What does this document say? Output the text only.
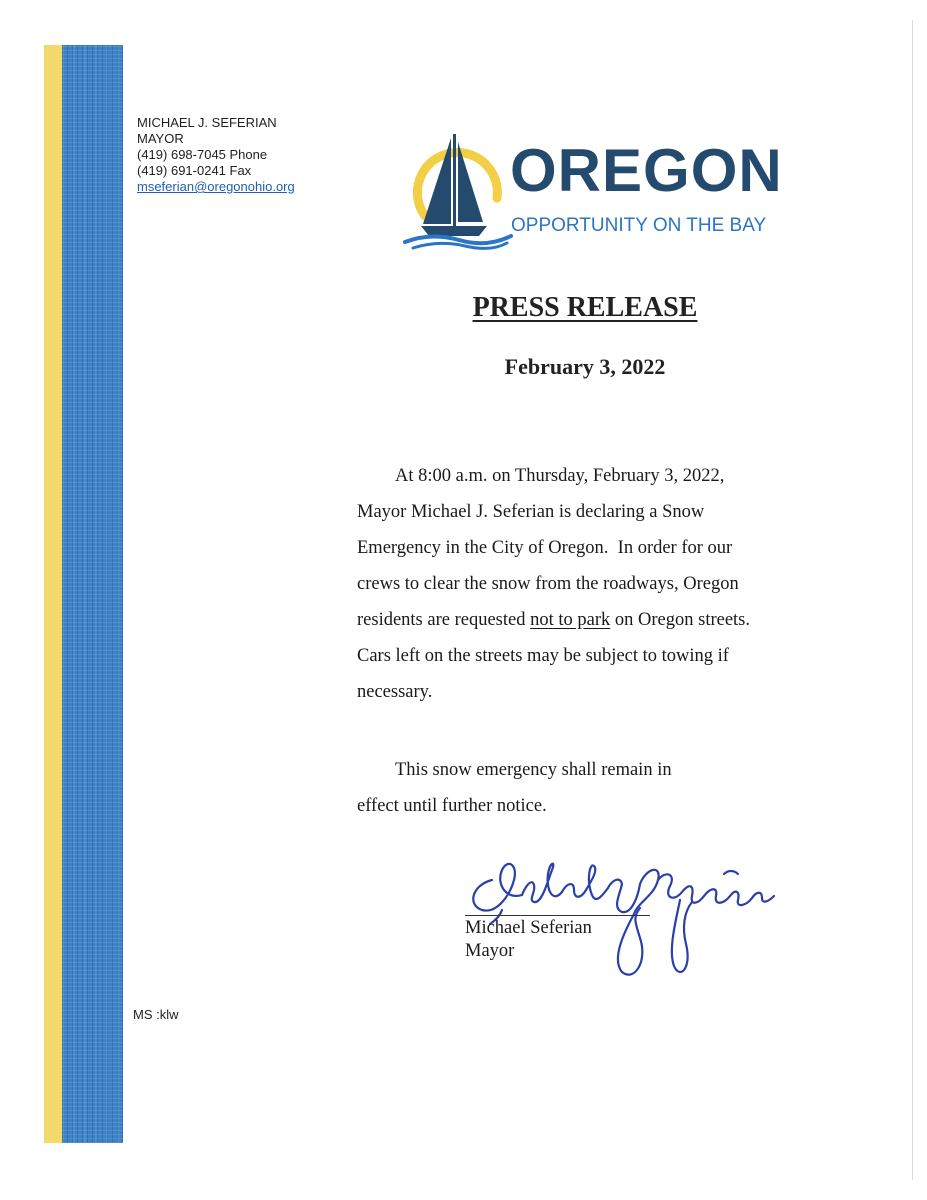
MICHAEL J. SEFERIAN
MAYOR
(419) 698-7045 Phone
(419) 691-0241 Fax
mseferian@oregonohio.org	OREGON
OPPORTUNITY ON THE BAY
PRESS RELEASE
February 3, 2022
At 8:00 a.m. on Thursday, February 3, 2022,
Mayor Michael J. Seferian is declaring a Snow
Emergency in the City of Oregon.  In order for our
crews to clear the snow from the roadways, Oregon
residents are requested not to park on Oregon streets.
Cars left on the streets may be subject to towing if
necessary.
This snow emergency shall remain in
effect until further notice.
Michael Seferian
Mayor
MS :klw
